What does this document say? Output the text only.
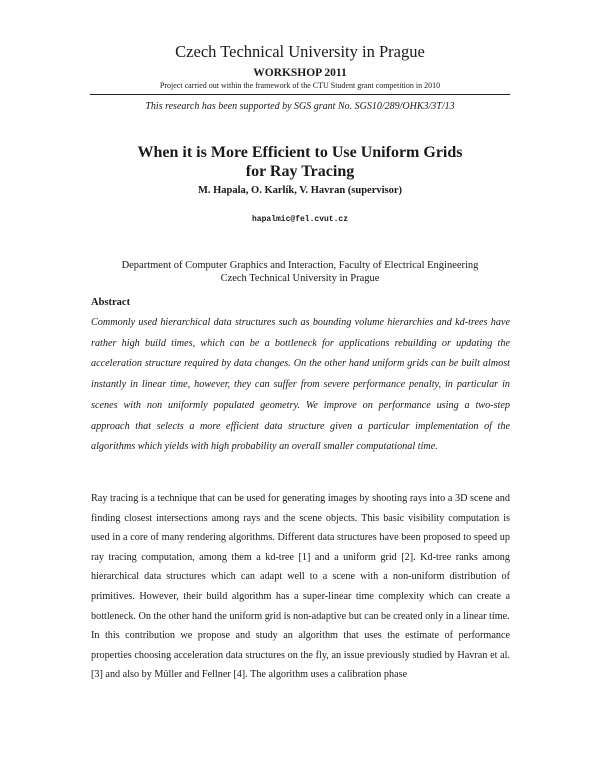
Czech Technical University in Prague
WORKSHOP 2011
Project carried out within the framework of the CTU Student grant competition in 2010
This research has been supported by SGS grant No. SGS10/289/OHK3/3T/13
When it is More Efficient to Use Uniform Grids
for Ray Tracing
M. Hapala, O. Karlík, V. Havran (supervisor)
hapalmic@fel.cvut.cz
Department of Computer Graphics and Interaction, Faculty of Electrical Engineering
Czech Technical University in Prague
Abstract
Commonly used hierarchical data structures such as bounding volume hierarchies and kd-trees have rather high build times, which can be a bottleneck for applications rebuilding or updating the acceleration structure required by data changes. On the other hand uniform grids can be built almost instantly in linear time, however, they can suffer from severe performance penalty, in particular in scenes with non uniformly populated geometry. We improve on performance using a two-step approach that selects a more efficient data structure given a particular implementation of the algorithms which yields with high probability an overall smaller computational time.

Ray tracing is a technique that can be used for generating images by shooting rays into a 3D scene and finding closest intersections among rays and the scene objects. This basic visibility computation is used in a core of many rendering algorithms. Different data structures have been proposed to speed up ray tracing computation, among them a kd-tree [1] and a uniform grid [2]. Kd-tree ranks among hierarchical data structures which can adapt well to a scene with a non-uniform distribution of primitives. However, their build algorithm has a super-linear time complexity which can create a bottleneck. On the other hand the uniform grid is non-adaptive but can be created only in a linear time.

In this contribution we propose and study an algorithm that uses the estimate of performance properties choosing acceleration data structures on the fly, an issue previously studied by Havran et al. [3] and also by Müller and Fellner [4]. The algorithm uses a calibration phase
